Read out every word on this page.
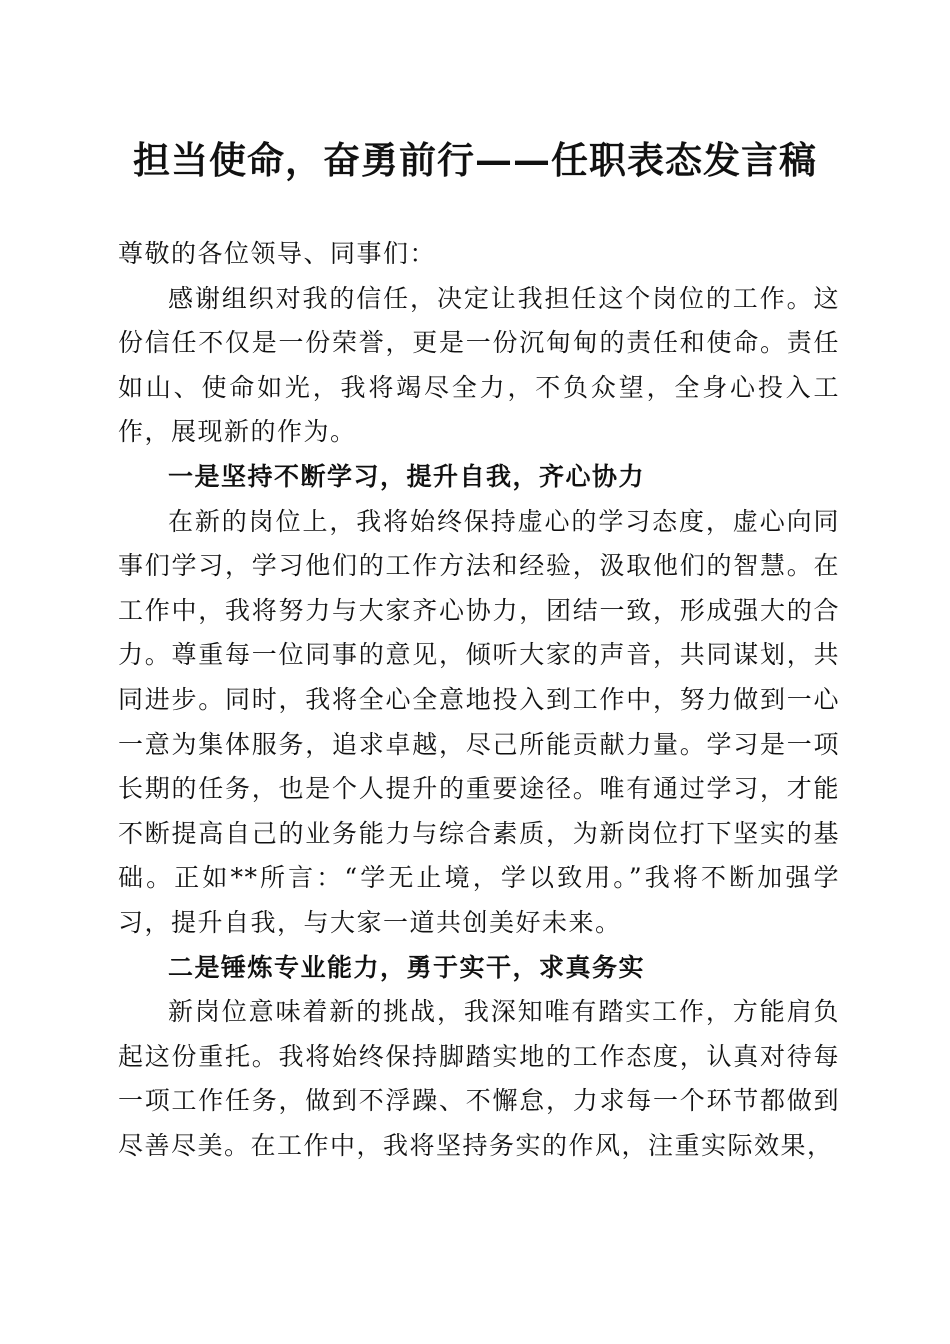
担当使命，奋勇前行——任职表态发言稿

尊敬的各位领导、同事们：

感谢组织对我的信任，决定让我担任这个岗位的工作。这份信任不仅是一份荣誉，更是一份沉甸甸的责任和使命。责任如山、使命如光，我将竭尽全力，不负众望，全身心投入工作，展现新的作为。

一是坚持不断学习，提升自我，齐心协力

在新的岗位上，我将始终保持虚心的学习态度，虚心向同事们学习，学习他们的工作方法和经验，汲取他们的智慧。在工作中，我将努力与大家齐心协力，团结一致，形成强大的合力。尊重每一位同事的意见，倾听大家的声音，共同谋划，共同进步。同时，我将全心全意地投入到工作中，努力做到一心一意为集体服务，追求卓越，尽己所能贡献力量。学习是一项长期的任务，也是个人提升的重要途径。唯有通过学习，才能不断提高自己的业务能力与综合素质，为新岗位打下坚实的基础。正如**所言：“学无止境，学以致用。”我将不断加强学习，提升自我，与大家一道共创美好未来。

二是锤炼专业能力，勇于实干，求真务实

新岗位意味着新的挑战，我深知唯有踏实工作，方能肩负起这份重托。我将始终保持脚踏实地的工作态度，认真对待每一项工作任务，做到不浮躁、不懈怠，力求每一个环节都做到尽善尽美。在工作中，我将坚持务实的作风，注重实际效果，
